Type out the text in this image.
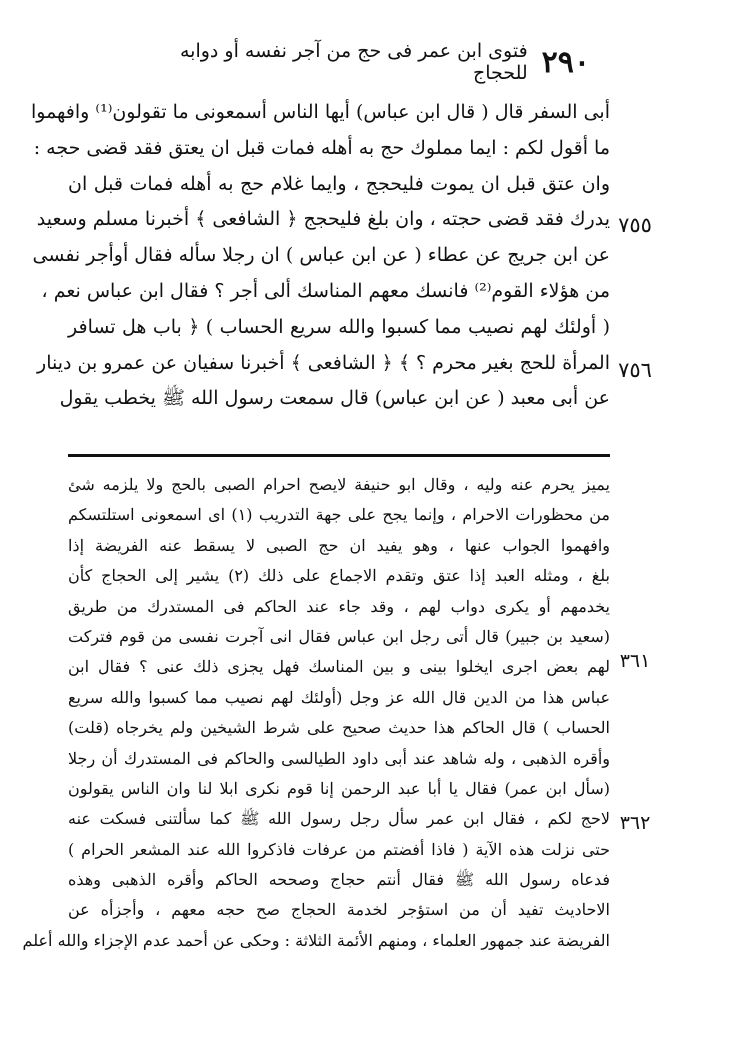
٢٩٠
فتوى ابن عمر فى حج من آجر نفسه أو دوابه للحجاج
٧٥٥
٧٥٦
أبى السفر قال ( قال ابن عباس) أيها الناس أسمعونى ما تقولون⁽¹⁾ وافهموا
ما أقول لكم : ايما مملوك حج به أهله فمات قبل ان يعتق فقد قضى حجه :
وان عتق قبل ان يموت فليحجج ، وايما غلام حج به أهله فمات قبل ان
يدرك فقد قضى حجته ، وان بلغ فليحجج ﴿ الشافعى ﴾ أخبرنا مسلم وسعيد
عن ابن جريج عن عطاء ( عن ابن عباس ) ان رجلا سأله فقال أوأجر نفسى
من هؤلاء القوم⁽²⁾ فانسك معهم المناسك ألى أجر ؟ فقال ابن عباس نعم ،
( أولئك لهم نصيب مما كسبوا والله سريع الحساب ) ﴿ باب هل تسافر
المرأة للحج بغير محرم ؟ ﴾ ﴿ الشافعى ﴾ أخبرنا سفيان عن عمرو بن دينار
عن أبى معبد ( عن ابن عباس) قال سمعت رسول الله ﷺ يخطب يقول
٣٦١
٣٦٢
يميز يحرم عنه وليه ، وقال ابو حنيفة لايصح احرام الصبى بالحج ولا يلزمه شئ
من محظورات الاحرام ، وإنما يجح على جهة التدريب (١) اى اسمعونى استلتسكم
وافهموا الجواب عنها ، وهو يفيد ان حج الصبى لا يسقط عنه الفريضة إذا
بلغ ، ومثله العبد إذا عتق وتقدم الاجماع على ذلك (٢) يشير إلى الحجاج كأن
يخدمهم أو يكرى دواب لهم ، وقد جاء عند الحاكم فى المستدرك من طريق
(سعيد بن جبير) قال أتى رجل ابن عباس فقال انى آجرت نفسى من قوم فتركت
لهم بعض اجرى ايخلوا بينى و بين المناسك فهل يجزى ذلك عنى ؟ فقال ابن
عباس هذا من الدين قال الله عز وجل (أولئك لهم نصيب مما كسبوا والله سريع
الحساب ) قال الحاكم هذا حديث صحيح على شرط الشيخين ولم يخرجاه (قلت)
وأقره الذهبى ، وله شاهد عند أبى داود الطيالسى والحاكم فى المستدرك أن رجلا
(سأل ابن عمر) فقال يا أبا عبد الرحمن إنا قوم نكرى ابلا لنا وان الناس يقولون
لاحج لكم ، فقال ابن عمر سأل رجل رسول الله ﷺ كما سألتنى فسكت عنه
حتى نزلت هذه الآية ( فاذا أفضتم من عرفات فاذكروا الله عند المشعر الحرام )
فدعاه رسول الله ﷺ فقال أنتم حجاج وصححه الحاكم وأقره الذهبى وهذه
الاحاديث تفيد أن من استؤجر لخدمة الحجاج صح حجه معهم ، وأجزأه عن
الفريضة عند جمهور العلماء ، ومنهم الأئمة الثلاثة : وحكى عن أحمد عدم الإجزاء والله أعلم
